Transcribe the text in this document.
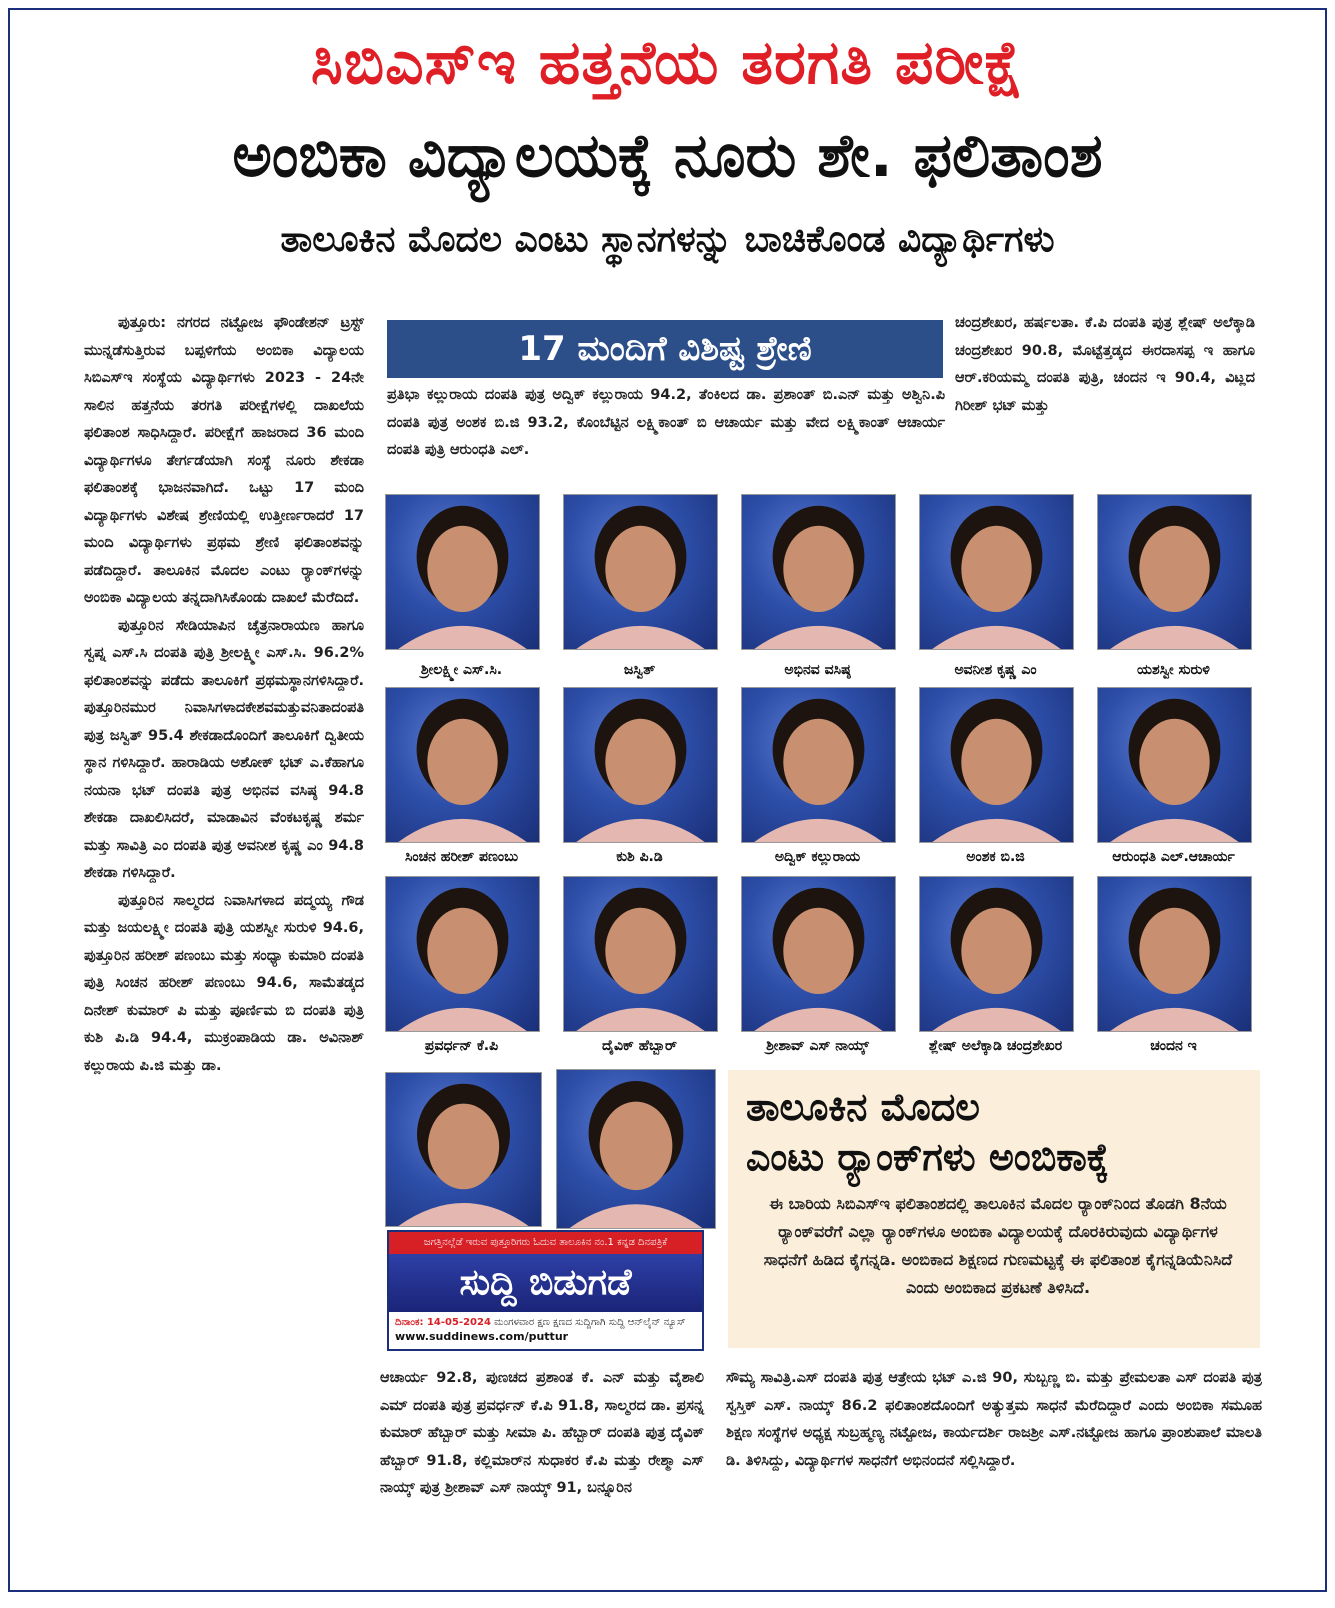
ಸಿಬಿಎಸ್‌ಇ ಹತ್ತನೆಯ ತರಗತಿ ಪರೀಕ್ಷೆ
ಅಂಬಿಕಾ ವಿದ್ಯಾಲಯಕ್ಕೆ ನೂರು ಶೇ. ಫಲಿತಾಂಶ
ತಾಲೂಕಿನ ಮೊದಲ ಎಂಟು ಸ್ಥಾನಗಳನ್ನು ಬಾಚಿಕೊಂಡ ವಿದ್ಯಾರ್ಥಿಗಳು

ಪುತ್ತೂರು: ನಗರದ ನಟ್ಟೋಜ ಫೌಂಡೇಶನ್ ಟ್ರಸ್ಟ್ ಮುನ್ನಡೆಸುತ್ತಿರುವ ಬಪ್ಪಳಿಗೆಯ ಅಂಬಿಕಾ ವಿದ್ಯಾಲಯ ಸಿಬಿಎಸ್‌ಇ ಸಂಸ್ಥೆಯ ವಿದ್ಯಾರ್ಥಿಗಳು 2023 - 24ನೇ ಸಾಲಿನ ಹತ್ತನೆಯ ತರಗತಿ ಪರೀಕ್ಷೆಗಳಲ್ಲಿ ದಾಖಲೆಯ ಫಲಿತಾಂಶ ಸಾಧಿಸಿದ್ದಾರೆ. ಪರೀಕ್ಷೆಗೆ ಹಾಜರಾದ 36 ಮಂದಿ ವಿದ್ಯಾರ್ಥಿಗಳೂ ತೇರ್ಗಡೆಯಾಗಿ ಸಂಸ್ಥೆ ನೂರು ಶೇಕಡಾ ಫಲಿತಾಂಶಕ್ಕೆ ಭಾಜನವಾಗಿದೆ. ಒಟ್ಟು 17 ಮಂದಿ ವಿದ್ಯಾರ್ಥಿಗಳು ವಿಶೇಷ ಶ್ರೇಣಿಯಲ್ಲಿ ಉತ್ತೀರ್ಣರಾದರೆ 17 ಮಂದಿ ವಿದ್ಯಾರ್ಥಿಗಳು ಪ್ರಥಮ ಶ್ರೇಣಿ ಫಲಿತಾಂಶವನ್ನು ಪಡೆದಿದ್ದಾರೆ. ತಾಲೂಕಿನ ಮೊದಲ ಎಂಟು ರ್‍ಯಾಂಕ್‌ಗಳನ್ನು ಅಂಬಿಕಾ ವಿದ್ಯಾಲಯ ತನ್ನದಾಗಿಸಿಕೊಂಡು ದಾಖಲೆ ಮೆರೆದಿದೆ.

ಪುತ್ತೂರಿನ ಸೇಡಿಯಾಪಿನ ಚೈತ್ರನಾರಾಯಣ ಹಾಗೂ ಸ್ವಪ್ನ ಎಸ್.ಸಿ ದಂಪತಿ ಪುತ್ರಿ ಶ್ರೀಲಕ್ಷ್ಮೀ ಎಸ್.ಸಿ. 96.2% ಫಲಿತಾಂಶವನ್ನು ಪಡೆದು ತಾಲೂಕಿಗೆ ಪ್ರಥಮಸ್ಥಾನಗಳಿಸಿದ್ದಾರೆ. ಪುತ್ತೂರಿನಮುರ ನಿವಾಸಿಗಳಾದಕೇಶವಮತ್ತುವನಿತಾದಂಪತಿ ಪುತ್ರ ಜಸ್ವಿತ್ 95.4 ಶೇಕಡಾದೊಂದಿಗೆ ತಾಲೂಕಿಗೆ ದ್ವಿತೀಯ ಸ್ಥಾನ ಗಳಿಸಿದ್ದಾರೆ. ಹಾರಾಡಿಯ ಅಶೋಕ್ ಭಟ್ ಎ.ಕೆಹಾಗೂ ನಯನಾ ಭಟ್ ದಂಪತಿ ಪುತ್ರ ಅಭಿನವ ವಸಿಷ್ಠ 94.8 ಶೇಕಡಾ ದಾಖಲಿಸಿದರೆ, ಮಾಡಾವಿನ ವೆಂಕಟಕೃಷ್ಣ ಶರ್ಮ ಮತ್ತು ಸಾವಿತ್ರಿ ಎಂ ದಂಪತಿ ಪುತ್ರ ಅವನೀಶ ಕೃಷ್ಣ ಎಂ 94.8 ಶೇಕಡಾ ಗಳಿಸಿದ್ದಾರೆ.

ಪುತ್ತೂರಿನ ಸಾಲ್ಮರದ ನಿವಾಸಿಗಳಾದ ಪದ್ಮಯ್ಯ ಗೌಡ ಮತ್ತು ಜಯಲಕ್ಷ್ಮೀ ದಂಪತಿ ಪುತ್ರಿ ಯಶಸ್ವೀ ಸುರುಳಿ 94.6, ಪುತ್ತೂರಿನ ಹರೀಶ್ ಪಣಂಬು ಮತ್ತು ಸಂಧ್ಯಾ ಕುಮಾರಿ ದಂಪತಿ ಪುತ್ರಿ ಸಿಂಚನ ಹರೀಶ್ ಪಣಂಬು 94.6, ಸಾಮೆತಡ್ಕದ ದಿನೇಶ್ ಕುಮಾರ್ ಪಿ ಮತ್ತು ಪೂರ್ಣಿಮ ಬಿ ದಂಪತಿ ಪುತ್ರಿ ಕುಶಿ ಪಿ.ಡಿ 94.4, ಮುಕ್ರಂಪಾಡಿಯ ಡಾ. ಅವಿನಾಶ್ ಕಲ್ಲುರಾಯ ಪಿ.ಜಿ ಮತ್ತು ಡಾ.

17 ಮಂದಿಗೆ ವಿಶಿಷ್ಟ ಶ್ರೇಣಿ
ಪ್ರತಿಭಾ ಕಲ್ಲುರಾಯ ದಂಪತಿ ಪುತ್ರ ಅದ್ವಿಕ್ ಕಲ್ಲುರಾಯ 94.2, ತೆಂಕಿಲದ ಡಾ. ಪ್ರಶಾಂತ್ ಬಿ.ಎನ್ ಮತ್ತು ಅಶ್ವಿನಿ.ಪಿ ದಂಪತಿ ಪುತ್ರ ಅಂಶಕ ಬಿ.ಜಿ 93.2, ಕೊಂಬೆಟ್ಟಿನ ಲಕ್ಷ್ಮಿಕಾಂತ್ ಬಿ ಆಚಾರ್ಯ ಮತ್ತು ವೇದ ಲಕ್ಷ್ಮಿಕಾಂತ್ ಆಚಾರ್ಯ ದಂಪತಿ ಪುತ್ರಿ ಆರುಂಧತಿ ಎಲ್.

ಚಂದ್ರಶೇಖರ, ಹರ್ಷಲತಾ. ಕೆ.ಪಿ ದಂಪತಿ ಪುತ್ರ ಶ್ಲೇಷ್ ಅಲೆಕ್ಕಾಡಿ ಚಂದ್ರಶೇಖರ 90.8, ಮೊಟ್ಟೆತ್ತಡ್ಕದ ಈರದಾಸಪ್ಪ ಇ ಹಾಗೂ ಆರ್.ಕರಿಯಮ್ಮ ದಂಪತಿ ಪುತ್ರಿ, ಚಂದನ ಇ 90.4, ವಿಟ್ಲದ ಗಿರೀಶ್ ಭಟ್ ಮತ್ತು

ಶ್ರೀಲಕ್ಷ್ಮೀ ಎಸ್.ಸಿ.	ಜಸ್ವಿತ್	ಅಭಿನವ ವಸಿಷ್ಠ	ಅವನೀಶ ಕೃಷ್ಣ ಎಂ	ಯಶಸ್ವೀ ಸುರುಳಿ
ಸಿಂಚನ ಹರೀಶ್ ಪಣಂಬು	ಕುಶಿ ಪಿ.ಡಿ	ಅದ್ವಿಕ್ ಕಲ್ಲುರಾಯ	ಅಂಶಕ ಬಿ.ಜಿ	ಆರುಂಧತಿ ಎಲ್.ಆಚಾರ್ಯ
ಪ್ರವರ್ಧನ್ ಕೆ.ಪಿ	ದೈವಿಕ್ ಹೆಬ್ಬಾರ್	ಶ್ರೀಶಾವ್ ಎಸ್ ನಾಯ್ಕ್	ಶ್ಲೇಷ್ ಅಲೆಕ್ಕಾಡಿ ಚಂದ್ರಶೇಖರ	ಚಂದನ ಇ
ಜಗತ್ತಿನಲ್ಲೆಡೆ ಇರುವ ಪುತ್ತೂರಿಗರು ಓದುವ ತಾಲೂಕಿನ ನಂ.1 ಕನ್ನಡ ದಿನಪತ್ರಿಕೆ
ಸುದ್ದಿ ಬಿಡುಗಡೆ
ದಿನಾಂಕ: 14-05-2024 ಮಂಗಳವಾರ ಕ್ಷಣ ಕ್ಷಣದ ಸುದ್ದಿಗಾಗಿ ಸುದ್ದಿ ಆನ್‌ಲೈನ್ ನ್ಯೂಸ್
www.suddinews.com/puttur
ತಾಲೂಕಿನ ಮೊದಲ
ಎಂಟು ರ್‍ಯಾಂಕ್‌ಗಳು ಅಂಬಿಕಾಕ್ಕೆ
ಈ ಬಾರಿಯ ಸಿಬಿಎಸ್‌ಇ ಫಲಿತಾಂಶದಲ್ಲಿ ತಾಲೂಕಿನ ಮೊದಲ ರ್‍ಯಾಂಕ್‌ನಿಂದ ತೊಡಗಿ 8ನೆಯ ರ್‍ಯಾಂಕ್‌ವರೆಗೆ ಎಲ್ಲಾ ರ್‍ಯಾಂಕ್‌ಗಳೂ ಅಂಬಿಕಾ ವಿದ್ಯಾಲಯಕ್ಕೆ ದೊರಕಿರುವುದು ವಿದ್ಯಾರ್ಥಿಗಳ ಸಾಧನೆಗೆ ಹಿಡಿದ ಕೈಗನ್ನಡಿ. ಅಂಬಿಕಾದ ಶಿಕ್ಷಣದ ಗುಣಮಟ್ಟಕ್ಕೆ ಈ ಫಲಿತಾಂಶ ಕೈಗನ್ನಡಿಯೆನಿಸಿದೆ ಎಂದು ಅಂಬಿಕಾದ ಪ್ರಕಟಣೆ ತಿಳಿಸಿದೆ.

ಆಚಾರ್ಯ 92.8, ಪುಣಚದ ಪ್ರಶಾಂತ ಕೆ. ಎನ್ ಮತ್ತು ವೈಶಾಲಿ ಎಮ್ ದಂಪತಿ ಪುತ್ರ ಪ್ರವರ್ಧನ್ ಕೆ.ಪಿ 91.8, ಸಾಲ್ಮರದ ಡಾ. ಪ್ರಸನ್ನ ಕುಮಾರ್ ಹೆಬ್ಬಾರ್ ಮತ್ತು ಸೀಮಾ ಪಿ. ಹೆಬ್ಬಾರ್ ದಂಪತಿ ಪುತ್ರ ದೈವಿಕ್ ಹೆಬ್ಬಾರ್ 91.8, ಕಲ್ಲಿಮಾರ್‌ನ ಸುಧಾಕರ ಕೆ.ಪಿ ಮತ್ತು ರೇಶ್ಮಾ ಎಸ್ ನಾಯ್ಕ್ ಪುತ್ರ ಶ್ರೀಶಾವ್ ಎಸ್ ನಾಯ್ಕ್ 91, ಬನ್ನೂರಿನ

ಸೌಮ್ಯ ಸಾವಿತ್ರಿ.ಎಸ್ ದಂಪತಿ ಪುತ್ರ ಆತ್ರೇಯ ಭಟ್ ಎ.ಜಿ 90, ಸುಬ್ಬಣ್ಣ ಬಿ. ಮತ್ತು ಪ್ರೇಮಲತಾ ಎಸ್ ದಂಪತಿ ಪುತ್ರ ಸ್ವಸ್ತಿಕ್ ಎಸ್. ನಾಯ್ಕ್ 86.2 ಫಲಿತಾಂಶದೊಂದಿಗೆ ಅತ್ಯುತ್ತಮ ಸಾಧನೆ ಮೆರೆದಿದ್ದಾರೆ ಎಂದು ಅಂಬಿಕಾ ಸಮೂಹ ಶಿಕ್ಷಣ ಸಂಸ್ಥೆಗಳ ಅಧ್ಯಕ್ಷ ಸುಬ್ರಹ್ಮಣ್ಯ ನಟ್ಟೋಜ, ಕಾರ್ಯದರ್ಶಿ ರಾಜಶ್ರೀ ಎಸ್.ನಟ್ಟೋಜ ಹಾಗೂ ಪ್ರಾಂಶುಪಾಲೆ ಮಾಲತಿ ಡಿ. ತಿಳಿಸಿದ್ದು, ವಿದ್ಯಾರ್ಥಿಗಳ ಸಾಧನೆಗೆ ಅಭಿನಂದನೆ ಸಲ್ಲಿಸಿದ್ದಾರೆ.
